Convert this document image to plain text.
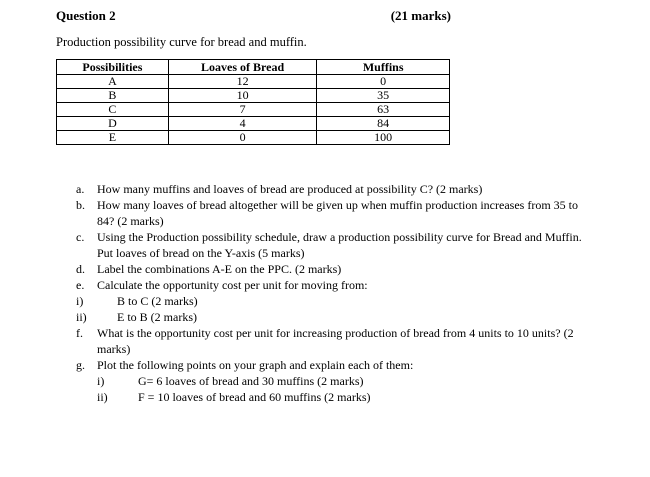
Question 2	(21 marks)
Production possibility curve for bread and muffin.
Possibilities	Loaves of Bread	Muffins
A	12	0
B	10	35
C	7	63
D	4	84
E	0	100
a. How many muffins and loaves of bread are produced at possibility C? (2 marks)
b. How many loaves of bread altogether will be given up when muffin production increases from 35 to 84? (2 marks)
c. Using the Production possibility schedule, draw a production possibility curve for Bread and Muffin. Put loaves of bread on the Y-axis (5 marks)
d. Label the combinations A-E on the PPC. (2 marks)
e. Calculate the opportunity cost per unit for moving from:
i)	B to C (2 marks)
ii)	E to B (2 marks)
f. What is the opportunity cost per unit for increasing production of bread from 4 units to 10 units? (2 marks)
g. Plot the following points on your graph and explain each of them:
i)	G= 6 loaves of bread and 30 muffins (2 marks)
ii)	F = 10 loaves of bread and 60 muffins (2 marks)
